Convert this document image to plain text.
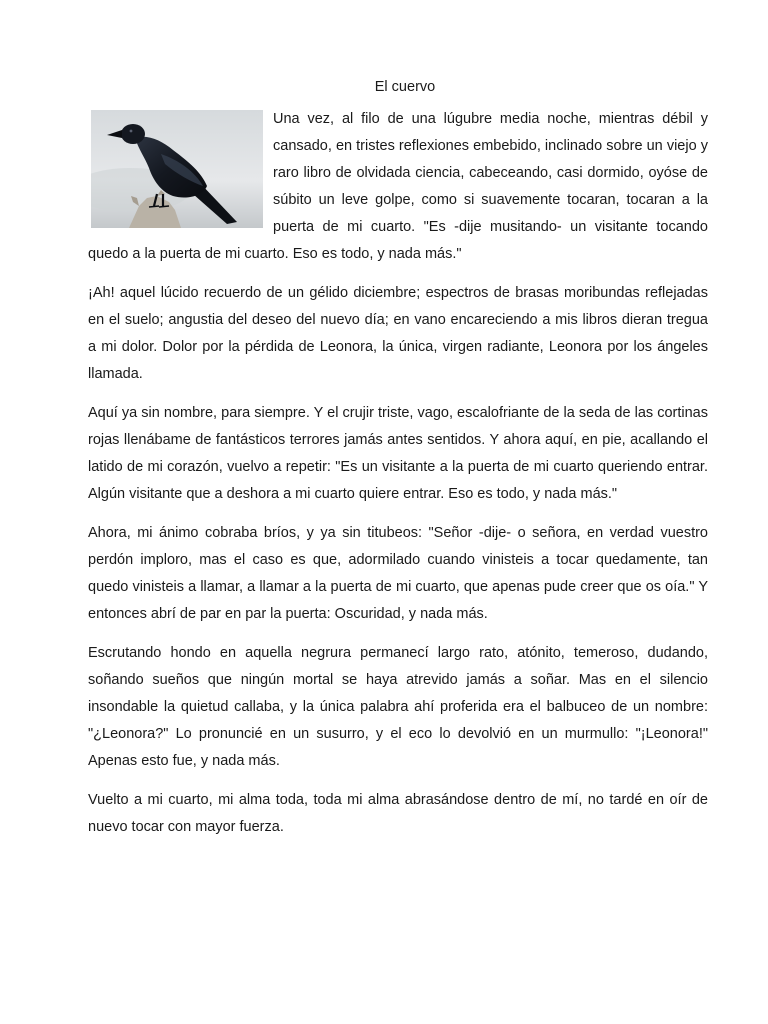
El cuervo

Una vez, al filo de una lúgubre media noche, mientras débil y cansado, en tristes reflexiones embebido, inclinado sobre un viejo y raro libro de olvidada ciencia, cabeceando, casi dormido, oyóse de súbito un leve golpe, como si suavemente tocaran, tocaran a la puerta de mi cuarto. "Es -dije musitando- un visitante tocando quedo a la puerta de mi cuarto. Eso es todo, y nada más."

¡Ah! aquel lúcido recuerdo de un gélido diciembre; espectros de brasas moribundas reflejadas en el suelo; angustia del deseo del nuevo día; en vano encareciendo a mis libros dieran tregua a mi dolor. Dolor por la pérdida de Leonora, la única, virgen radiante, Leonora por los ángeles llamada.

Aquí ya sin nombre, para siempre. Y el crujir triste, vago, escalofriante de la seda de las cortinas rojas llenábame de fantásticos terrores jamás antes sentidos. Y ahora aquí, en pie, acallando el latido de mi corazón, vuelvo a repetir: "Es un visitante a la puerta de mi cuarto queriendo entrar. Algún visitante que a deshora a mi cuarto quiere entrar. Eso es todo, y nada más."

Ahora, mi ánimo cobraba bríos, y ya sin titubeos: "Señor -dije- o señora, en verdad vuestro perdón imploro, mas el caso es que, adormilado cuando vinisteis a tocar quedamente, tan quedo vinisteis a llamar, a llamar a la puerta de mi cuarto, que apenas pude creer que os oía." Y entonces abrí de par en par la puerta: Oscuridad, y nada más.

Escrutando hondo en aquella negrura permanecí largo rato, atónito, temeroso, dudando, soñando sueños que ningún mortal se haya atrevido jamás a soñar. Mas en el silencio insondable la quietud callaba, y la única palabra ahí proferida era el balbuceo de un nombre: "¿Leonora?" Lo pronuncié en un susurro, y el eco lo devolvió en un murmullo: "¡Leonora!" Apenas esto fue, y nada más.

Vuelto a mi cuarto, mi alma toda, toda mi alma abrasándose dentro de mí, no tardé en oír de nuevo tocar con mayor fuerza.
